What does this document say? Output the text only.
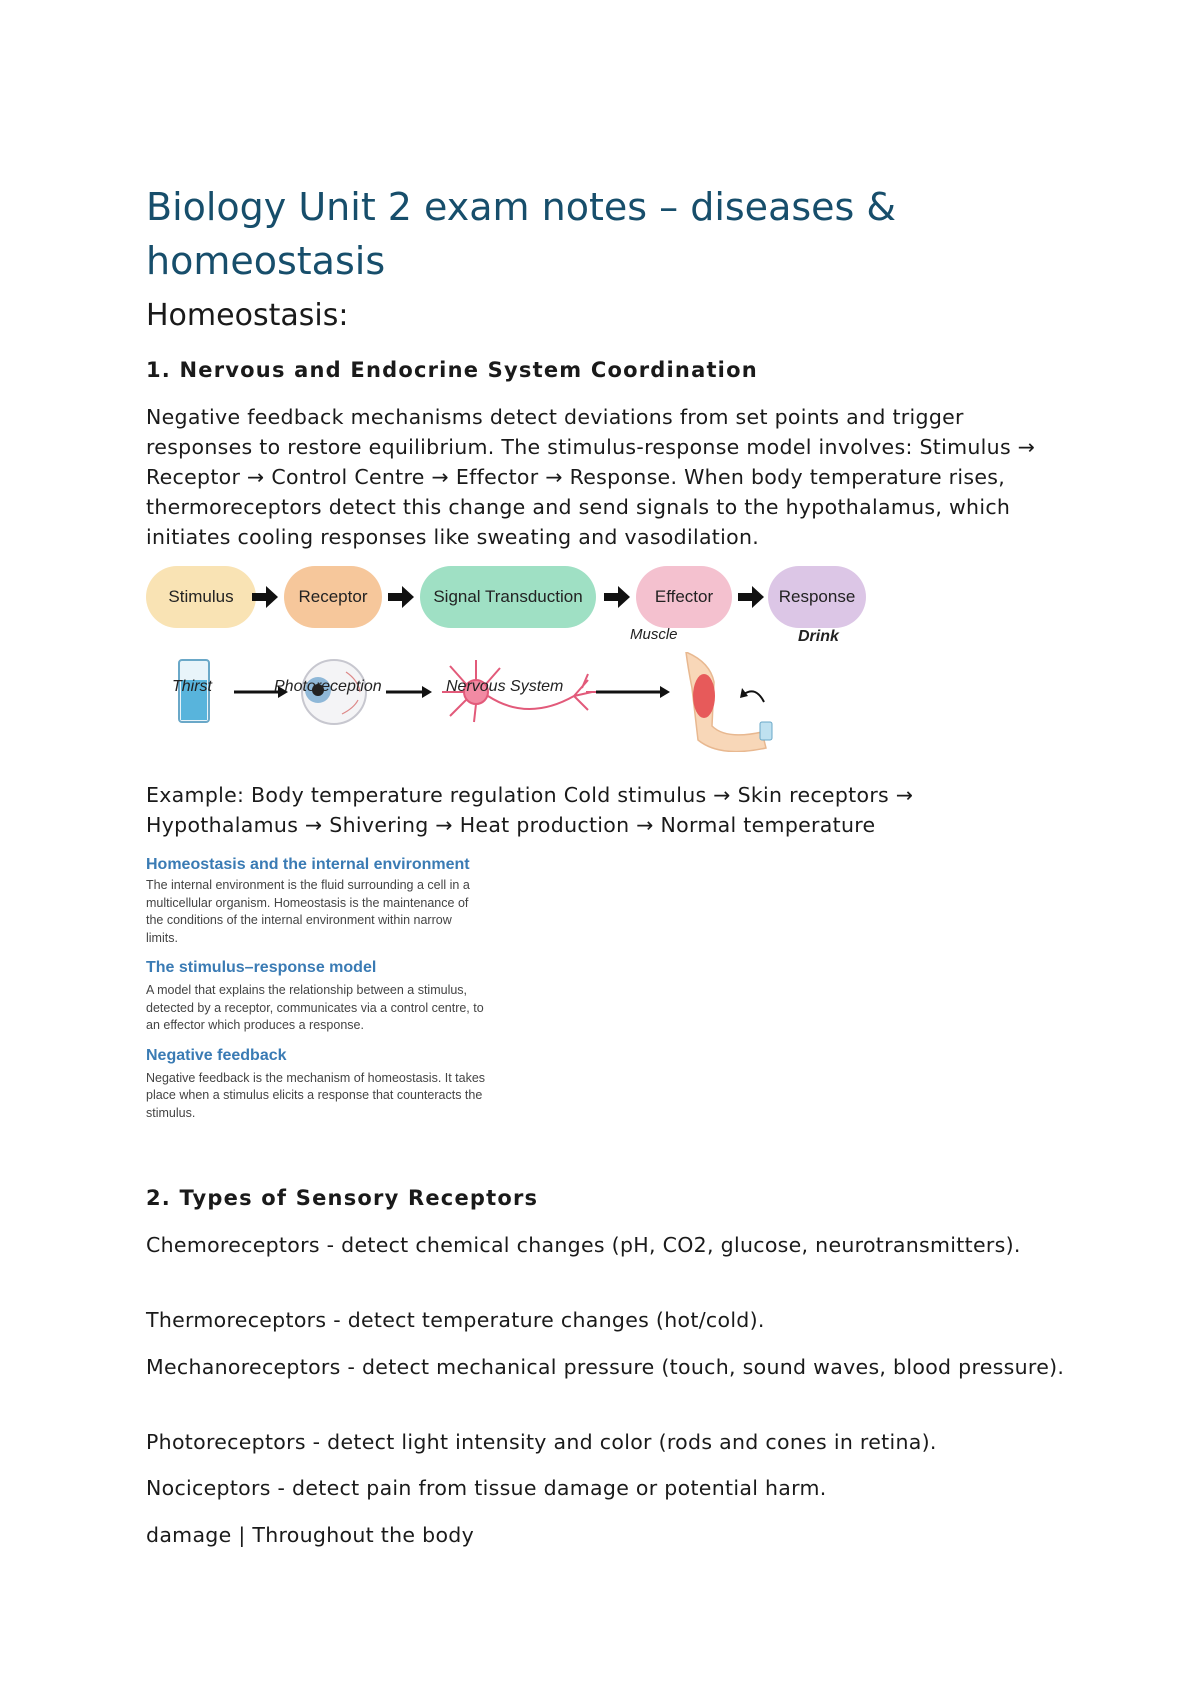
Biology Unit 2 exam notes – diseases & homeostasis
Homeostasis:
1. Nervous and Endocrine System Coordination

Negative feedback mechanisms detect deviations from set points and trigger responses to restore equilibrium. The stimulus-response model involves: Stimulus → Receptor → Control Centre → Effector → Response. When body temperature rises, thermoreceptors detect this change and send signals to the hypothalamus, which initiates cooling responses like sweating and vasodilation.

Stimulus	Receptor	Signal Transduction	Effector	Response
Thirst	Photoreception	Nervous System
Muscle	Drink

Example: Body temperature regulation Cold stimulus → Skin receptors → Hypothalamus → Shivering → Heat production → Normal temperature

Homeostasis and the internal environment

The internal environment is the fluid surrounding a cell in a multicellular organism. Homeostasis is the maintenance of the conditions of the internal environment within narrow limits.

The stimulus–response model

A model that explains the relationship between a stimulus, detected by a receptor, communicates via a control centre, to an effector which produces a response.

Negative feedback

Negative feedback is the mechanism of homeostasis. It takes place when a stimulus elicits a response that counteracts the stimulus.

2. Types of Sensory Receptors

Chemoreceptors - detect chemical changes (pH, CO2, glucose, neurotransmitters).

Thermoreceptors - detect temperature changes (hot/cold).

Mechanoreceptors - detect mechanical pressure (touch, sound waves, blood pressure).

Photoreceptors - detect light intensity and color (rods and cones in retina).

Nociceptors - detect pain from tissue damage or potential harm.

damage | Throughout the body
